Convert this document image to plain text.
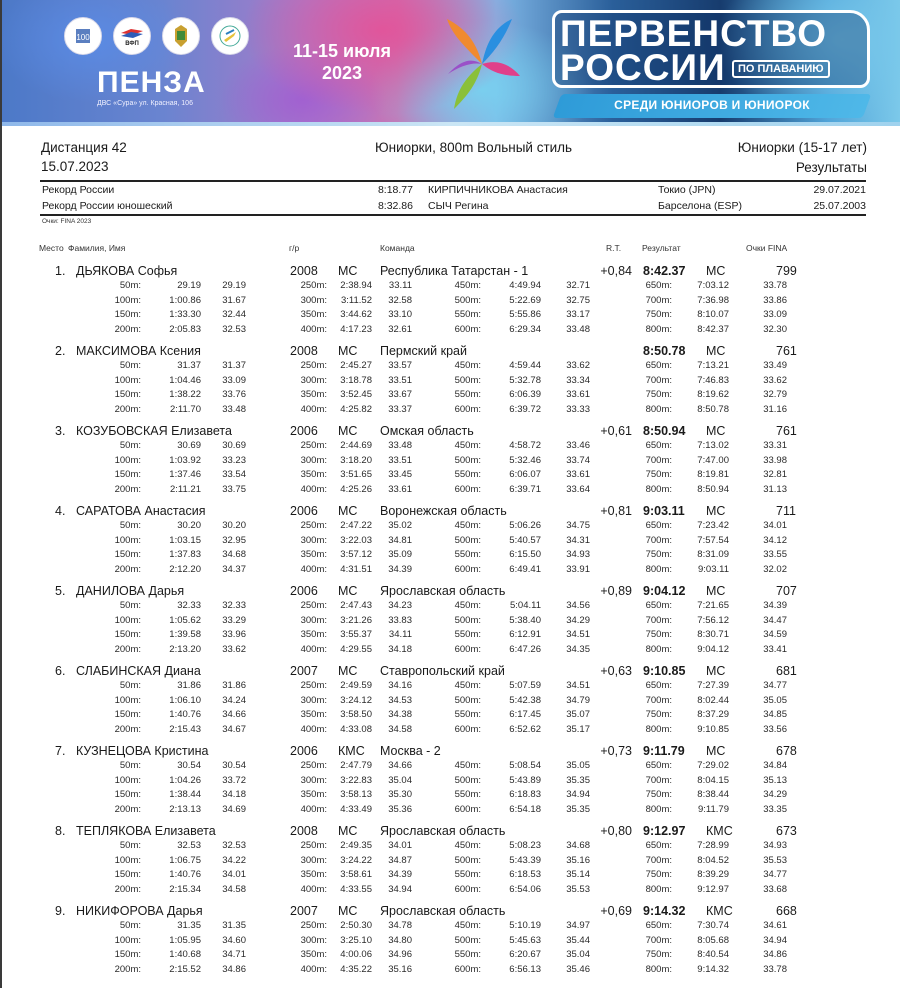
100
ВФП
ПЕНЗА
ДВС «Сура» ул. Красная, 106
11-15 июля
2023
ПЕРВЕНСТВО
РОССИИ	ПО ПЛАВАНИЮ
СРЕДИ ЮНИОРОВ И ЮНИОРОК
Дистанция 42
15.07.2023
Юниорки, 800m Вольный стиль	Юниорки (15-17 лет)
Результаты
Рекорд России	8:18.77 КИРПИЧНИКОВА Анастасия	Токио (JPN)	29.07.2021
Рекорд России юношеский	8:32.86 СЫЧ Регина	Барселона (ESP)	25.07.2003
Очки: FINA 2023
Место Фамилия, Имя	г/р	Команда	R.T. Результат	Очки FINA
1. ДЬЯКОВА Софья	2008 МС Республика Татарстан - 1	+0,84 8:42.37 МС	799
50m:	29.19 29.19	250m: 2:38.94 33.11	450m:	4:49.94	32.71	650m:	7:03.12	33.78
100m:	1:00.86 31.67	300m: 3:11.52 32.58	500m:	5:22.69	32.75	700m:	7:36.98	33.86
150m:	1:33.30 32.44	350m: 3:44.62 33.10	550m:	5:55.86	33.17	750m:	8:10.07	33.09
200m:	2:05.83 32.53	400m: 4:17.23 32.61	600m:	6:29.34	33.48	800m:	8:42.37	32.30
2. МАКСИМОВА Ксения	2008 МС Пермский край	8:50.78 МС	761
50m:	31.37 31.37	250m: 2:45.27 33.57	450m:	4:59.44	33.62	650m:	7:13.21	33.49
100m:	1:04.46 33.09	300m: 3:18.78 33.51	500m:	5:32.78	33.34	700m:	7:46.83	33.62
150m:	1:38.22 33.76	350m: 3:52.45 33.67	550m:	6:06.39	33.61	750m:	8:19.62	32.79
200m:	2:11.70 33.48	400m: 4:25.82 33.37	600m:	6:39.72	33.33	800m:	8:50.78	31.16
3. КОЗУБОВСКАЯ Елизавета	2006 МС Омская область	+0,61 8:50.94 МС	761
50m:	30.69 30.69	250m: 2:44.69 33.48	450m:	4:58.72	33.46	650m:	7:13.02	33.31
100m:	1:03.92 33.23	300m: 3:18.20 33.51	500m:	5:32.46	33.74	700m:	7:47.00	33.98
150m:	1:37.46 33.54	350m: 3:51.65 33.45	550m:	6:06.07	33.61	750m:	8:19.81	32.81
200m:	2:11.21 33.75	400m: 4:25.26 33.61	600m:	6:39.71	33.64	800m:	8:50.94	31.13
4. САРАТОВА Анастасия	2006 МС Воронежская область	+0,81 9:03.11 МС	711
50m:	30.20 30.20	250m: 2:47.22 35.02	450m:	5:06.26	34.75	650m:	7:23.42	34.01
100m:	1:03.15 32.95	300m: 3:22.03 34.81	500m:	5:40.57	34.31	700m:	7:57.54	34.12
150m:	1:37.83 34.68	350m: 3:57.12 35.09	550m:	6:15.50	34.93	750m:	8:31.09	33.55
200m:	2:12.20 34.37	400m: 4:31.51 34.39	600m:	6:49.41	33.91	800m:	9:03.11	32.02
5. ДАНИЛОВА Дарья	2006 МС Ярославская область	+0,89 9:04.12 МС	707
50m:	32.33 32.33	250m: 2:47.43 34.23	450m:	5:04.11	34.56	650m:	7:21.65	34.39
100m:	1:05.62 33.29	300m: 3:21.26 33.83	500m:	5:38.40	34.29	700m:	7:56.12	34.47
150m:	1:39.58 33.96	350m: 3:55.37 34.11	550m:	6:12.91	34.51	750m:	8:30.71	34.59
200m:	2:13.20 33.62	400m: 4:29.55 34.18	600m:	6:47.26	34.35	800m:	9:04.12	33.41
6. СЛАБИНСКАЯ Диана	2007 МС Ставропольский край	+0,63 9:10.85 МС	681
50m:	31.86 31.86	250m: 2:49.59 34.16	450m:	5:07.59	34.51	650m:	7:27.39	34.77
100m:	1:06.10 34.24	300m: 3:24.12 34.53	500m:	5:42.38	34.79	700m:	8:02.44	35.05
150m:	1:40.76 34.66	350m: 3:58.50 34.38	550m:	6:17.45	35.07	750m:	8:37.29	34.85
200m:	2:15.43 34.67	400m: 4:33.08 34.58	600m:	6:52.62	35.17	800m:	9:10.85	33.56
7. КУЗНЕЦОВА Кристина	2006 КМС Москва - 2	+0,73 9:11.79 МС	678
50m:	30.54 30.54	250m: 2:47.79 34.66	450m:	5:08.54	35.05	650m:	7:29.02	34.84
100m:	1:04.26 33.72	300m: 3:22.83 35.04	500m:	5:43.89	35.35	700m:	8:04.15	35.13
150m:	1:38.44 34.18	350m: 3:58.13 35.30	550m:	6:18.83	34.94	750m:	8:38.44	34.29
200m:	2:13.13 34.69	400m: 4:33.49 35.36	600m:	6:54.18	35.35	800m:	9:11.79	33.35
8. ТЕПЛЯКОВА Елизавета	2008 МС Ярославская область	+0,80 9:12.97 КМС	673
50m:	32.53 32.53	250m: 2:49.35 34.01	450m:	5:08.23	34.68	650m:	7:28.99	34.93
100m:	1:06.75 34.22	300m: 3:24.22 34.87	500m:	5:43.39	35.16	700m:	8:04.52	35.53
150m:	1:40.76 34.01	350m: 3:58.61 34.39	550m:	6:18.53	35.14	750m:	8:39.29	34.77
200m:	2:15.34 34.58	400m: 4:33.55 34.94	600m:	6:54.06	35.53	800m:	9:12.97	33.68
9. НИКИФОРОВА Дарья	2007 МС Ярославская область	+0,69 9:14.32 КМС	668
50m:	31.35 31.35	250m: 2:50.30 34.78	450m:	5:10.19	34.97	650m:	7:30.74	34.61
100m:	1:05.95 34.60	300m: 3:25.10 34.80	500m:	5:45.63	35.44	700m:	8:05.68	34.94
150m:	1:40.68 34.71	350m: 4:00.06 34.96	550m:	6:20.67	35.04	750m:	8:40.54	34.86
200m:	2:15.52 34.86	400m: 4:35.22 35.16	600m:	6:56.13	35.46	800m:	9:14.32	33.78
